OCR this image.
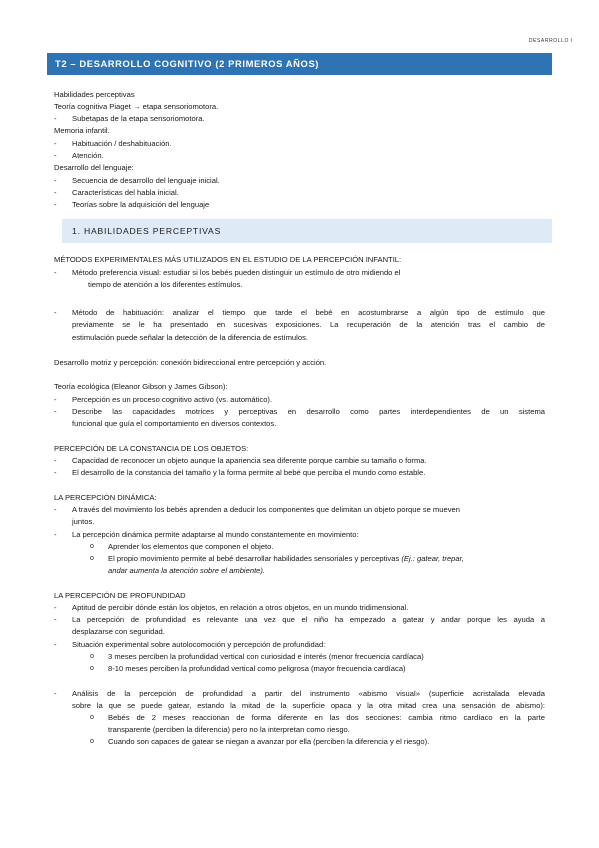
DESARROLLO I
T2 – DESARROLLO COGNITIVO (2 PRIMEROS AÑOS)
Habilidades perceptivas
Teoría cognitiva Piaget → etapa sensoriomotora.
- Subetapas de la etapa sensoriomotora.
Memoria infantil.
- Habituación / deshabituación.
- Atención.
Desarrollo del lenguaje:
- Secuencia de desarrollo del lenguaje inicial.
- Características del habla inicial.
- Teorías sobre la adquisición del lenguaje
1. HABILIDADES PERCEPTIVAS
MÉTODOS EXPERIMENTALES MÁS UTILIZADOS EN EL ESTUDIO DE LA PERCEPCIÓN INFANTIL:
- Método preferencia visual: estudiar si los bebés pueden distinguir un estímulo de otro midiendo el
tiempo de atención a los diferentes estímulos.
- Método de habituación: analizar el tiempo que tarde el bebé en acostumbrarse a algún tipo de estímulo que
previamente se le ha presentado en sucesivas exposiciones. La recuperación de la atención tras el cambio de
estimulación puede señalar la detección de la diferencia de estímulos.
Desarrollo motriz y percepción: conexión bidireccional entre percepción y acción.
Teoría ecológica (Eleanor Gibson y James Gibson):
- Percepción es un proceso cognitivo activo (vs. automático).
- Describe las capacidades motrices y perceptivas en desarrollo como partes interdependientes de un sistema
funcional que guía el comportamiento en diversos contextos.
PERCEPCIÓN DE LA CONSTANCIA DE LOS OBJETOS:
- Capacidad de reconocer un objeto aunque la apariencia sea diferente porque cambie su tamaño o forma.
- El desarrollo de la constancia del tamaño y la forma permite al bebé que perciba el mundo como estable.
LA PERCEPCIÓN DINÁMICA:
- A través del movimiento los bebés aprenden a deducir los componentes que delimitan un objeto porque se mueven
juntos.
- La percepción dinámica permite adaptarse al mundo constantemente en movimiento:
o Aprender los elementos que componen el objeto.
o El propio movimiento permite al bebé desarrollar habilidades sensoriales y perceptivas (Ej.: gatear, trepar,
andar aumenta la atención sobre el ambiente).
LA PERCEPCIÓN DE PROFUNDIDAD
- Aptitud de percibir dónde están los objetos, en relación a otros objetos, en un mundo tridimensional.
- La percepción de profundidad es relevante una vez que el niño ha empezado a gatear y andar porque les ayuda a
desplazarse con seguridad.
- Situación experimental sobre autolocomoción y percepción de profundidad:
o 3 meses perciben la profundidad vertical con curiosidad e interés (menor frecuencia cardíaca)
o 8-10 meses perciben la profundidad vertical como peligrosa (mayor frecuencia cardíaca)
- Análisis de la percepción de profundidad a partir del instrumento «abismo visual» (superficie acristalada elevada
sobre la que se puede gatear, estando la mitad de la superficie opaca y la otra mitad crea una sensación de abismo):
o Bebés de 2 meses reaccionan de forma diferente en las dos secciones: cambia ritmo cardíaco en la parte
transparente (perciben la diferencia) pero no la interpretan como riesgo.
o Cuando son capaces de gatear se niegan a avanzar por ella (perciben la diferencia y el riesgo).
